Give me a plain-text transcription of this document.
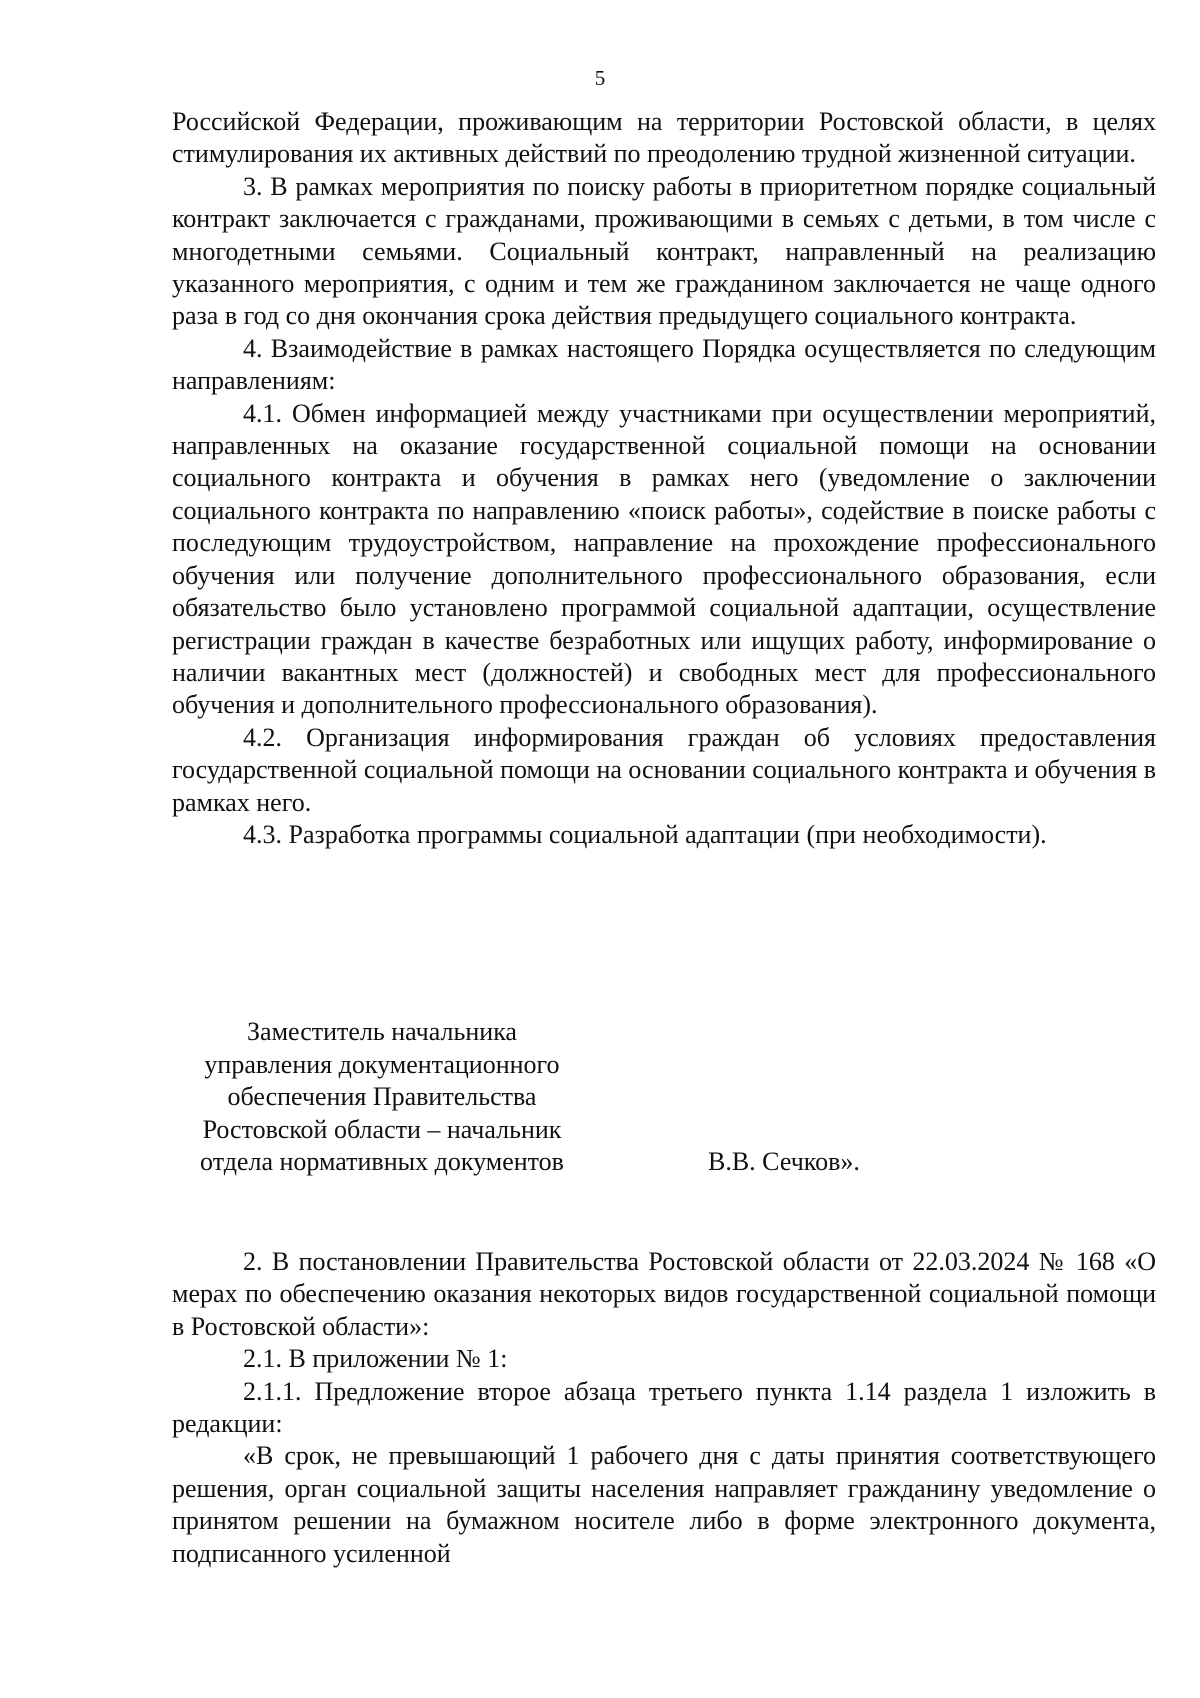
5

Российской Федерации, проживающим на территории Ростовской области, в целях стимулирования их активных действий по преодолению трудной жизненной ситуации.

3. В рамках мероприятия по поиску работы в приоритетном порядке социальный контракт заключается с гражданами, проживающими в семьях с детьми, в том числе с многодетными семьями. Социальный контракт, направленный на реализацию указанного мероприятия, с одним и тем же гражданином заключается не чаще одного раза в год со дня окончания срока действия предыдущего социального контракта.

4. Взаимодействие в рамках настоящего Порядка осуществляется по следующим направлениям:

4.1. Обмен информацией между участниками при осуществлении мероприятий, направленных на оказание государственной социальной помощи на основании социального контракта и обучения в рамках него (уведомление о заключении социального контракта по направлению «поиск работы», содействие в поиске работы с последующим трудоустройством, направление на прохождение профессионального обучения или получение дополнительного профессионального образования, если обязательство было установлено программой социальной адаптации, осуществление регистрации граждан в качестве безработных или ищущих работу, информирование о наличии вакантных мест (должностей) и свободных мест для профессионального обучения и дополнительного профессионального образования).

4.2. Организация информирования граждан об условиях предоставления государственной социальной помощи на основании социального контракта и обучения в рамках него.

4.3. Разработка программы социальной адаптации (при необходимости).

Заместитель начальника
управления документационного
обеспечения Правительства
Ростовской области – начальник
отдела нормативных документов	В.В. Сечков».

2. В постановлении Правительства Ростовской области от 22.03.2024 № 168 «О мерах по обеспечению оказания некоторых видов государственной социальной помощи в Ростовской области»:

2.1. В приложении № 1:

2.1.1. Предложение второе абзаца третьего пункта 1.14 раздела 1 изложить в редакции:

«В срок, не превышающий 1 рабочего дня с даты принятия соответствующего решения, орган социальной защиты населения направляет гражданину уведомление о принятом решении на бумажном носителе либо в форме электронного документа, подписанного усиленной
